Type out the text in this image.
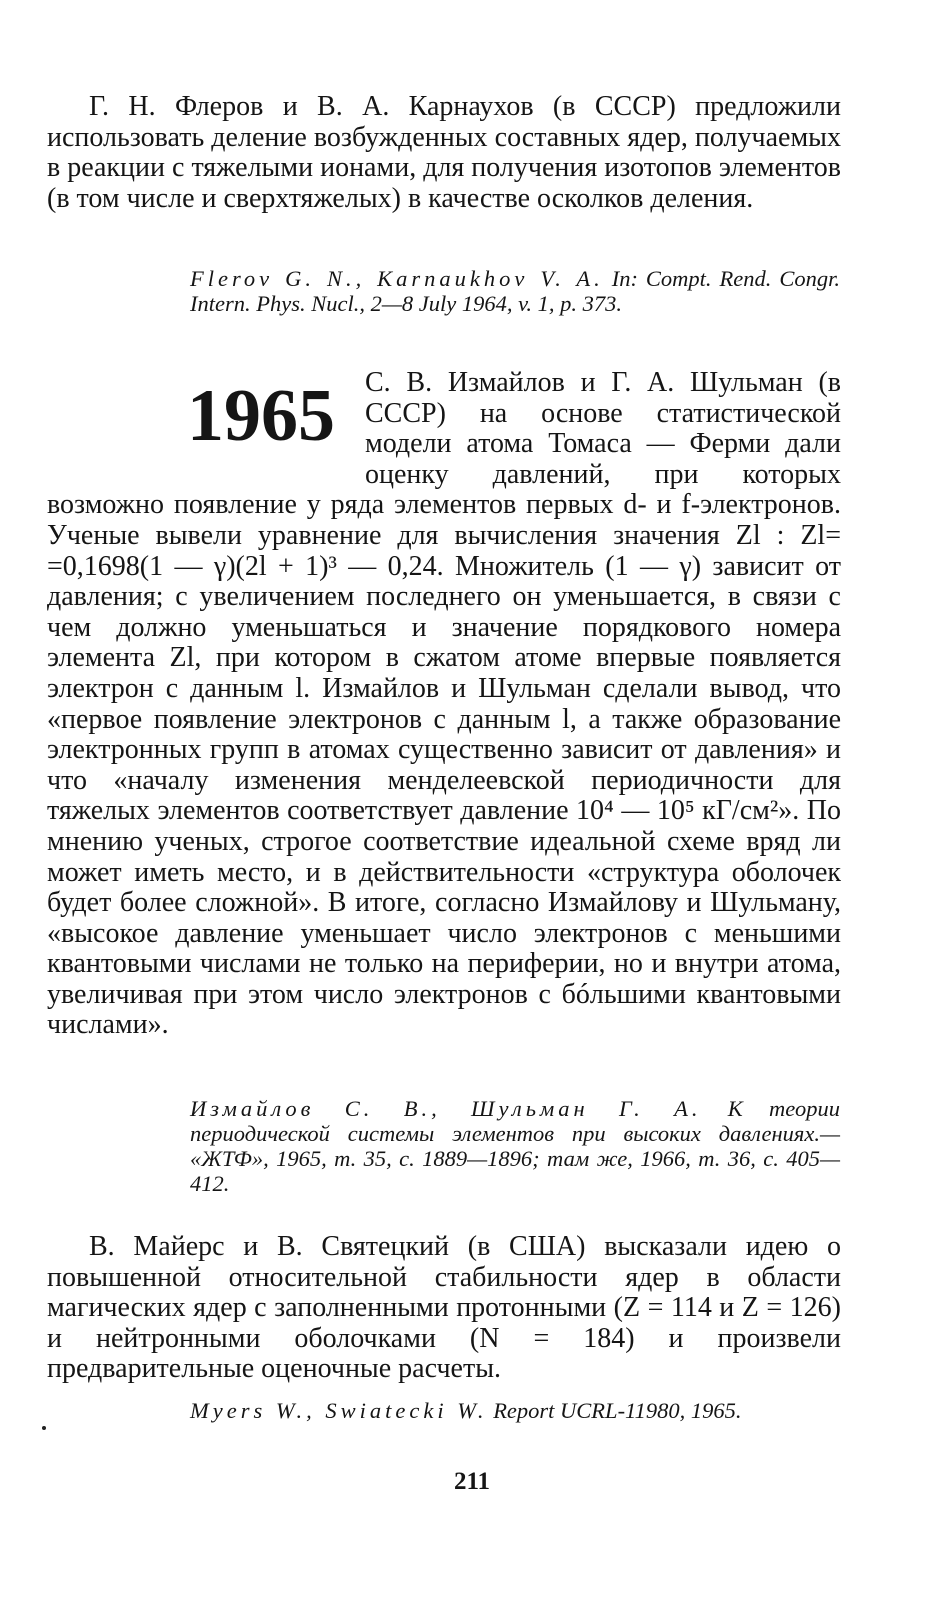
Г. Н. Флеров и В. А. Карнаухов (в СССР) предложили использовать деление возбужденных составных ядер, получаемых в реакции с тяжелыми ионами, для получения изотопов элементов (в том числе и сверхтяжелых) в качестве осколков деления.

Flerov G. N., Karnaukhov V. A. In: Compt. Rend. Congr. Intern. Phys. Nucl., 2—8 July 1964, v. 1, p. 373.

1965	С. В. Измайлов и Г. А. Шульман (в СССР) на основе статистической модели атома Томаса — Ферми дали оценку давлений, при которых возможно появление у ряда элементов первых d- и f-электронов. Ученые вывели уравнение для вычисления значения Zl : Zl= =0,1698(1 — γ)(2l + 1)³ — 0,24. Множитель (1 — γ) зависит от давления; с увеличением последнего он уменьшается, в связи с чем должно уменьшаться и значение порядкового номера элемента Zl, при котором в сжатом атоме впервые появляется электрон с данным l. Измайлов и Шульман сделали вывод, что «первое появление электронов с данным l, а также образование электронных групп в атомах существенно зависит от давления» и что «началу изменения менделеевской периодичности для тяжелых элементов соответствует давление 10⁴ — 10⁵ кГ/см²». По мнению ученых, строгое соответствие идеальной схеме вряд ли может иметь место, и в действительности «структура оболочек будет более сложной». В итоге, согласно Измайлову и Шульману, «высокое давление уменьшает число электронов с меньшими квантовыми числами не только на периферии, но и внутри атома, увеличивая при этом число электронов с бóльшими квантовыми числами».

Измайлов С. В., Шульман Г. А. К теории периодической системы элементов при высоких давлениях.— «ЖТФ», 1965, т. 35, с. 1889—1896; там же, 1966, т. 36, с. 405—412.

В. Майерс и В. Святецкий (в США) высказали идею о повышенной относительной стабильности ядер в области магических ядер с заполненными протонными (Z = 114 и Z = 126) и нейтронными оболочками (N = 184) и произвели предварительные оценочные расчеты.

Myers W., Swiatecki W. Report UCRL-11980, 1965.

211
